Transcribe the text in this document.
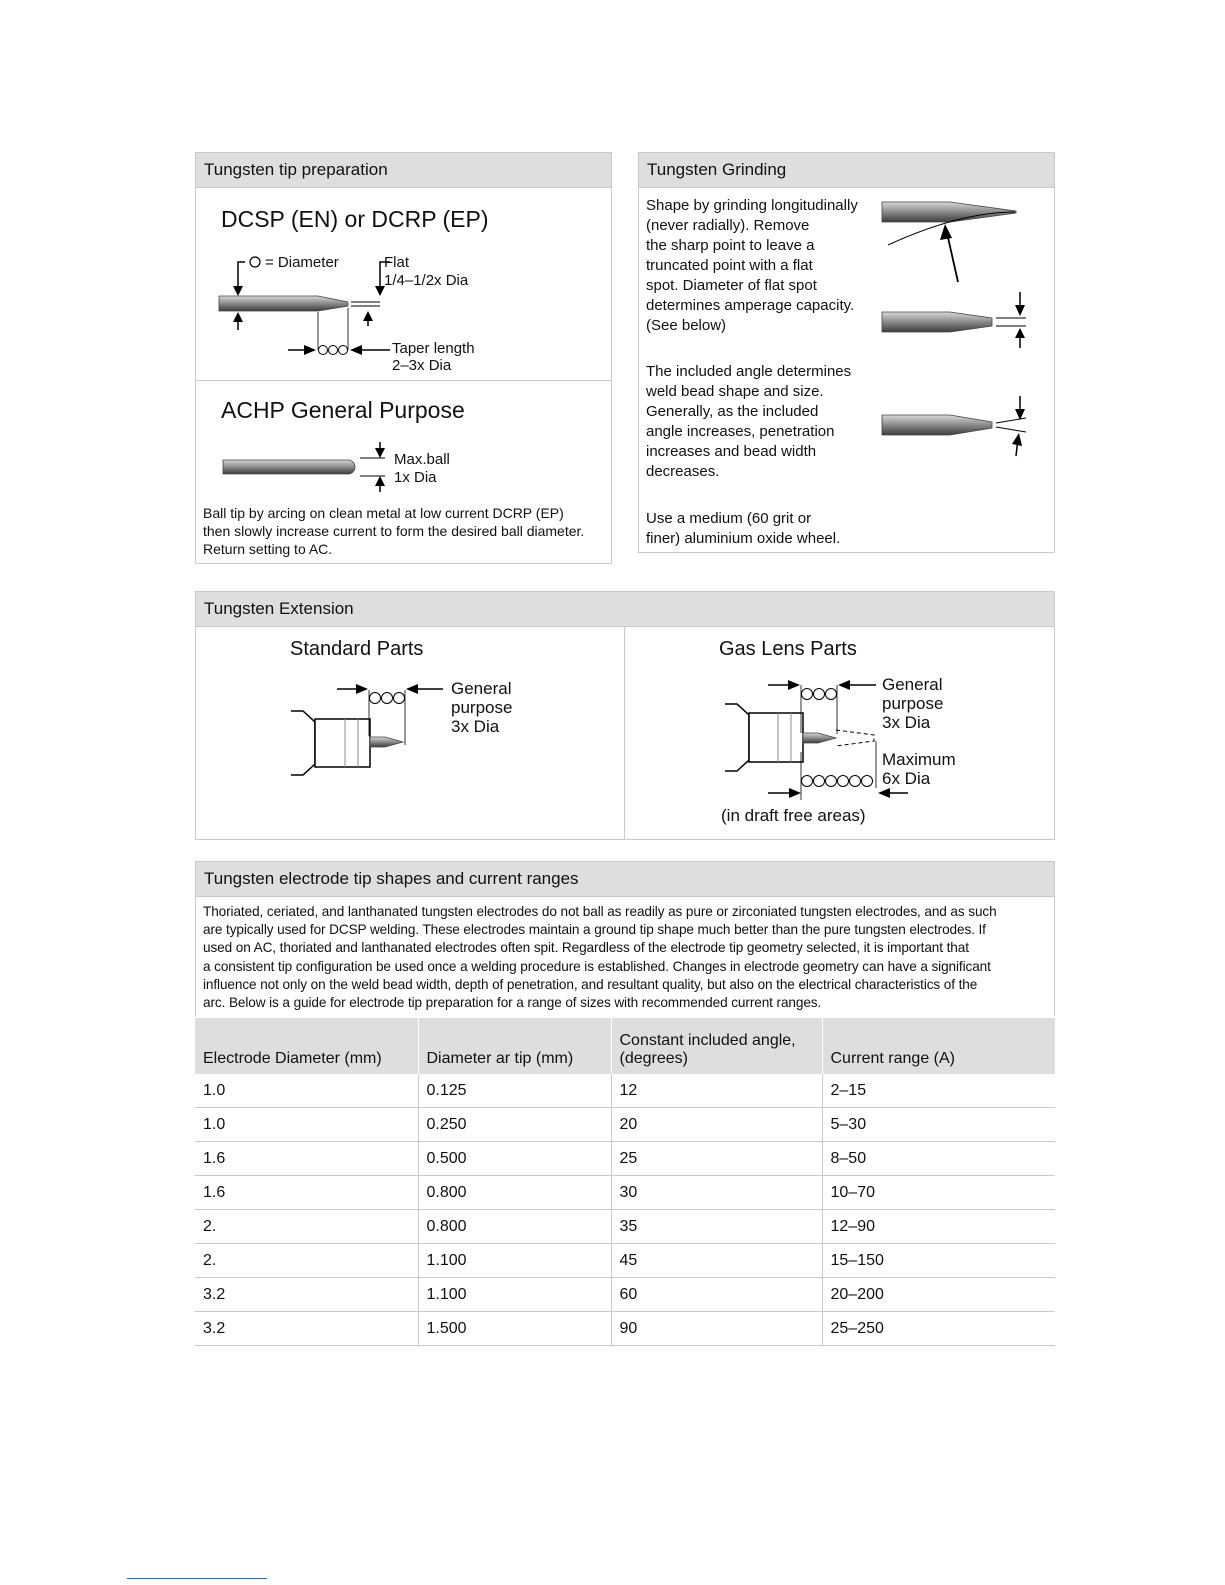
Tungsten tip preparation
DCSP (EN) or DCRP (EP)
= Diameter	Flat
1/4–1/2x Dia
Taper length
2–3x Dia
ACHP General Purpose
Max.ball
1x Dia
Ball tip by arcing on clean metal at low current DCRP (EP)
then slowly increase current to form the desired ball diameter.
Return setting to AC.
Tungsten Grinding
Shape by grinding longitudinally
(never radially). Remove
the sharp point to leave a
truncated point with a flat
spot. Diameter of flat spot
determines amperage capacity.
(See below)
The included angle determines
weld bead shape and size.
Generally, as the included
angle increases, penetration
increases and bead width
decreases.
Use a medium (60 grit or
finer) aluminium oxide wheel.
Tungsten Extension
Standard Parts	Gas Lens Parts
General
purpose
3x Dia
General
purpose
3x Dia
Maximum
6x Dia
(in draft free areas)
Tungsten electrode tip shapes and current ranges
Thoriated, ceriated, and lanthanated tungsten electrodes do not ball as readily as pure or zirconiated tungsten electrodes, and as such
are typically used for DCSP welding. These electrodes maintain a ground tip shape much better than the pure tungsten electrodes. If
used on AC, thoriated and lanthanated electrodes often spit. Regardless of the electrode tip geometry selected, it is important that
a consistent tip configuration be used once a welding procedure is established. Changes in electrode geometry can have a significant
influence not only on the weld bead width, depth of penetration, and resultant quality, but also on the electrical characteristics of the
arc. Below is a guide for electrode tip preparation for a range of sizes with recommended current ranges.
Electrode Diameter (mm)	Diameter ar tip (mm)	Constant included angle, (degrees)	Current range (A)
1.0	0.125	12	2–15
1.0	0.250	20	5–30
1.6	0.500	25	8–50
1.6	0.800	30	10–70
2.	0.800	35	12–90
2.	1.100	45	15–150
3.2	1.100	60	20–200
3.2	1.500	90	25–250
